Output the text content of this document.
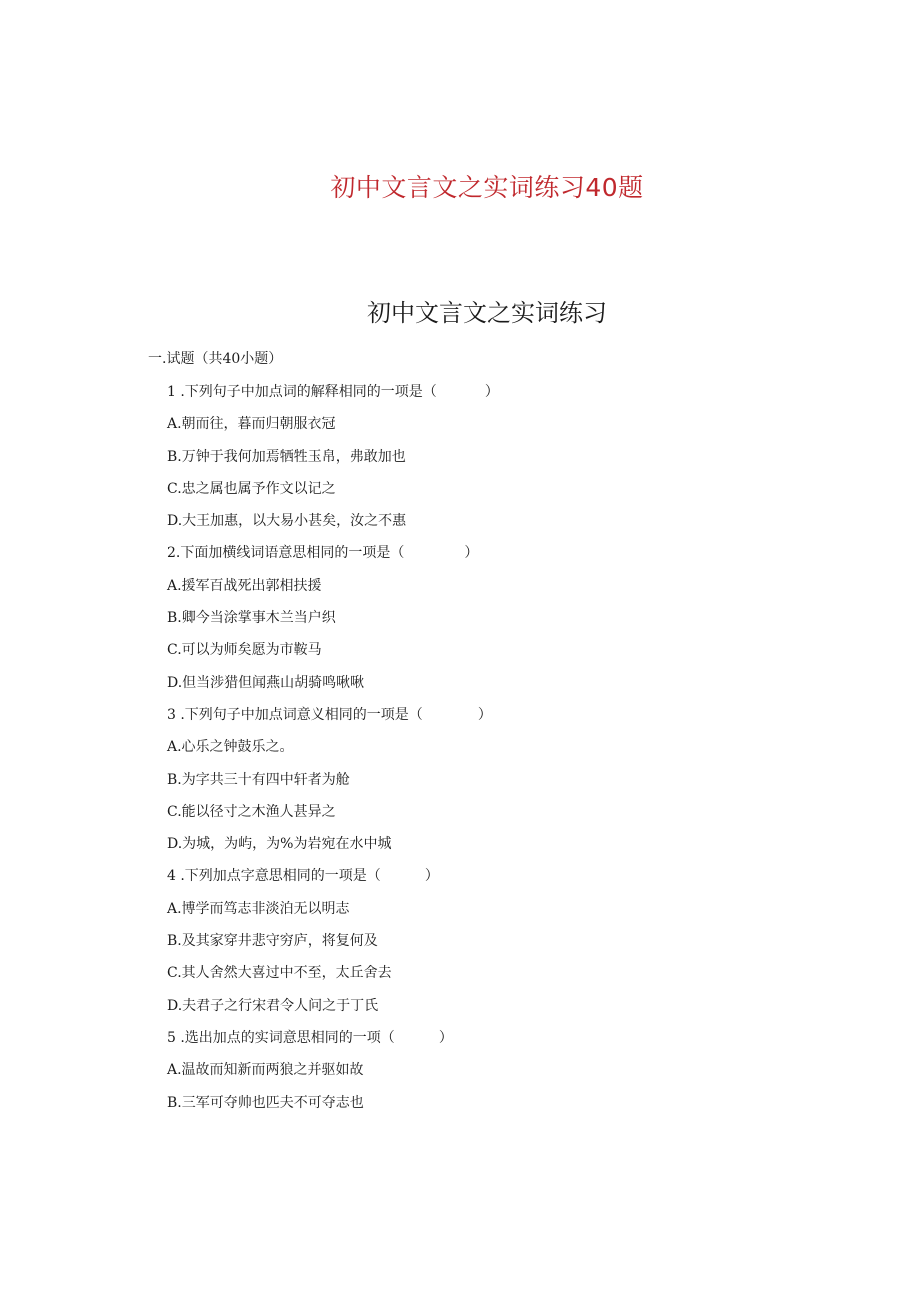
初中文言文之实词练习40题
初中文言文之实词练习
一.试题（共40小题）
1 .下列句子中加点词的解释相同的一项是（	）
A.朝而往，暮而归朝服衣冠
B.万钟于我何加焉牺牲玉帛，弗敢加也
C.忠之属也属予作文以记之
D.大王加惠，以大易小甚矣，汝之不惠
2.下面加横线词语意思相同的一项是（	）
A.援军百战死出郭相扶援
B.卿今当涂掌事木兰当户织
C.可以为师矣愿为市鞍马
D.但当涉猎但闻燕山胡骑鸣啾啾
3 .下列句子中加点词意义相同的一项是（	）
A.心乐之钟鼓乐之。
B.为字共三十有四中轩者为舱
C.能以径寸之木渔人甚异之
D.为城，为屿，为%为岩宛在水中城
4 .下列加点字意思相同的一项是（	）
A.博学而笃志非淡泊无以明志
B.及其家穿井悲守穷庐，将复何及
C.其人舍然大喜过中不至，太丘舍去
D.夫君子之行宋君令人问之于丁氏
5 .选出加点的实词意思相同的一项（	）
A.温故而知新而两狼之并驱如故
B.三军可夺帅也匹夫不可夺志也
